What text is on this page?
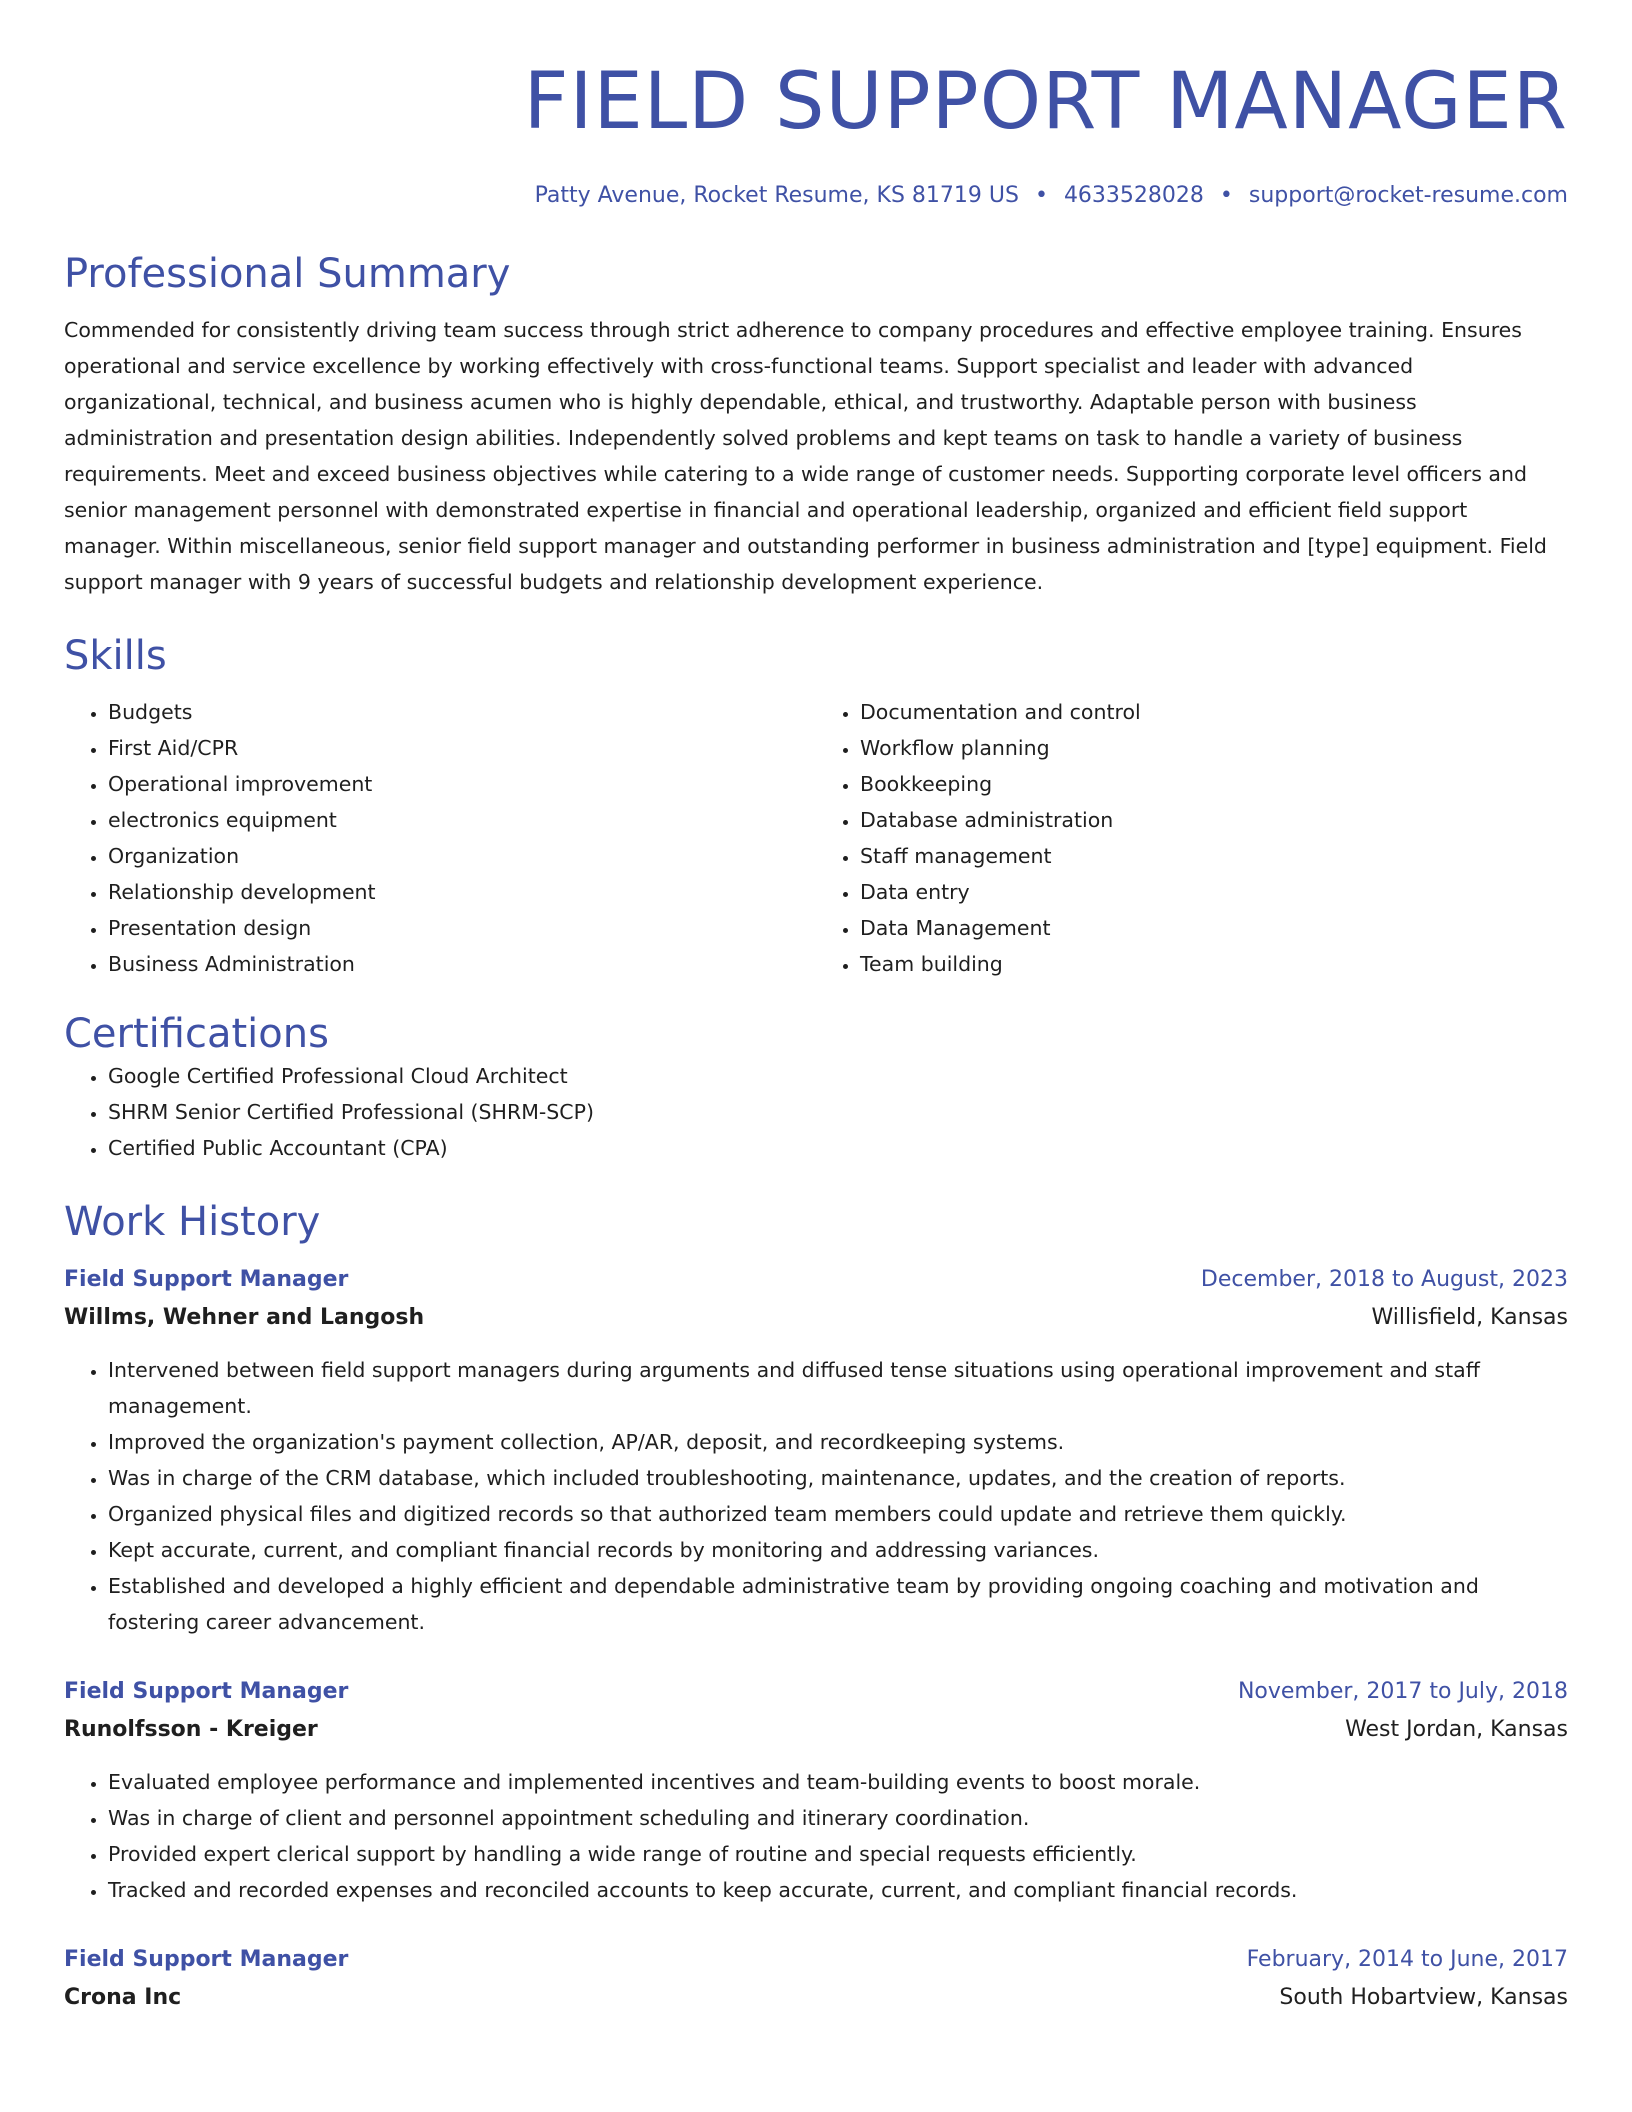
FIELD SUPPORT MANAGER
Patty Avenue, Rocket Resume, KS 81719 US • 4633528028 • support@rocket-resume.com
Professional Summary

Commended for consistently driving team success through strict adherence to company procedures and effective employee training. Ensures operational and service excellence by working effectively with cross-functional teams. Support specialist and leader with advanced organizational, technical, and business acumen who is highly dependable, ethical, and trustworthy. Adaptable person with business administration and presentation design abilities. Independently solved problems and kept teams on task to handle a variety of business requirements. Meet and exceed business objectives while catering to a wide range of customer needs. Supporting corporate level officers and senior management personnel with demonstrated expertise in financial and operational leadership, organized and efficient field support manager. Within miscellaneous, senior field support manager and outstanding performer in business administration and [type] equipment. Field support manager with 9 years of successful budgets and relationship development experience.

Skills
• Budgets
• First Aid/CPR
• Operational improvement
• electronics equipment
• Organization
• Relationship development
• Presentation design
• Business Administration
• Documentation and control
• Workflow planning
• Bookkeeping
• Database administration
• Staff management
• Data entry
• Data Management
• Team building
Certifications
• Google Certified Professional Cloud Architect
• SHRM Senior Certified Professional (SHRM-SCP)
• Certified Public Accountant (CPA)
Work History
Field Support Manager	December, 2018 to August, 2023
Willms, Wehner and Langosh	Willisfield, Kansas
• Intervened between field support managers during arguments and diffused tense situations using operational improvement and staff management.
• Improved the organization's payment collection, AP/AR, deposit, and recordkeeping systems.
• Was in charge of the CRM database, which included troubleshooting, maintenance, updates, and the creation of reports.
• Organized physical files and digitized records so that authorized team members could update and retrieve them quickly.
• Kept accurate, current, and compliant financial records by monitoring and addressing variances.
• Established and developed a highly efficient and dependable administrative team by providing ongoing coaching and motivation and fostering career advancement.
Field Support Manager	November, 2017 to July, 2018
Runolfsson - Kreiger	West Jordan, Kansas
• Evaluated employee performance and implemented incentives and team-building events to boost morale.
• Was in charge of client and personnel appointment scheduling and itinerary coordination.
• Provided expert clerical support by handling a wide range of routine and special requests efficiently.
• Tracked and recorded expenses and reconciled accounts to keep accurate, current, and compliant financial records.
Field Support Manager	February, 2014 to June, 2017
Crona Inc	South Hobartview, Kansas
